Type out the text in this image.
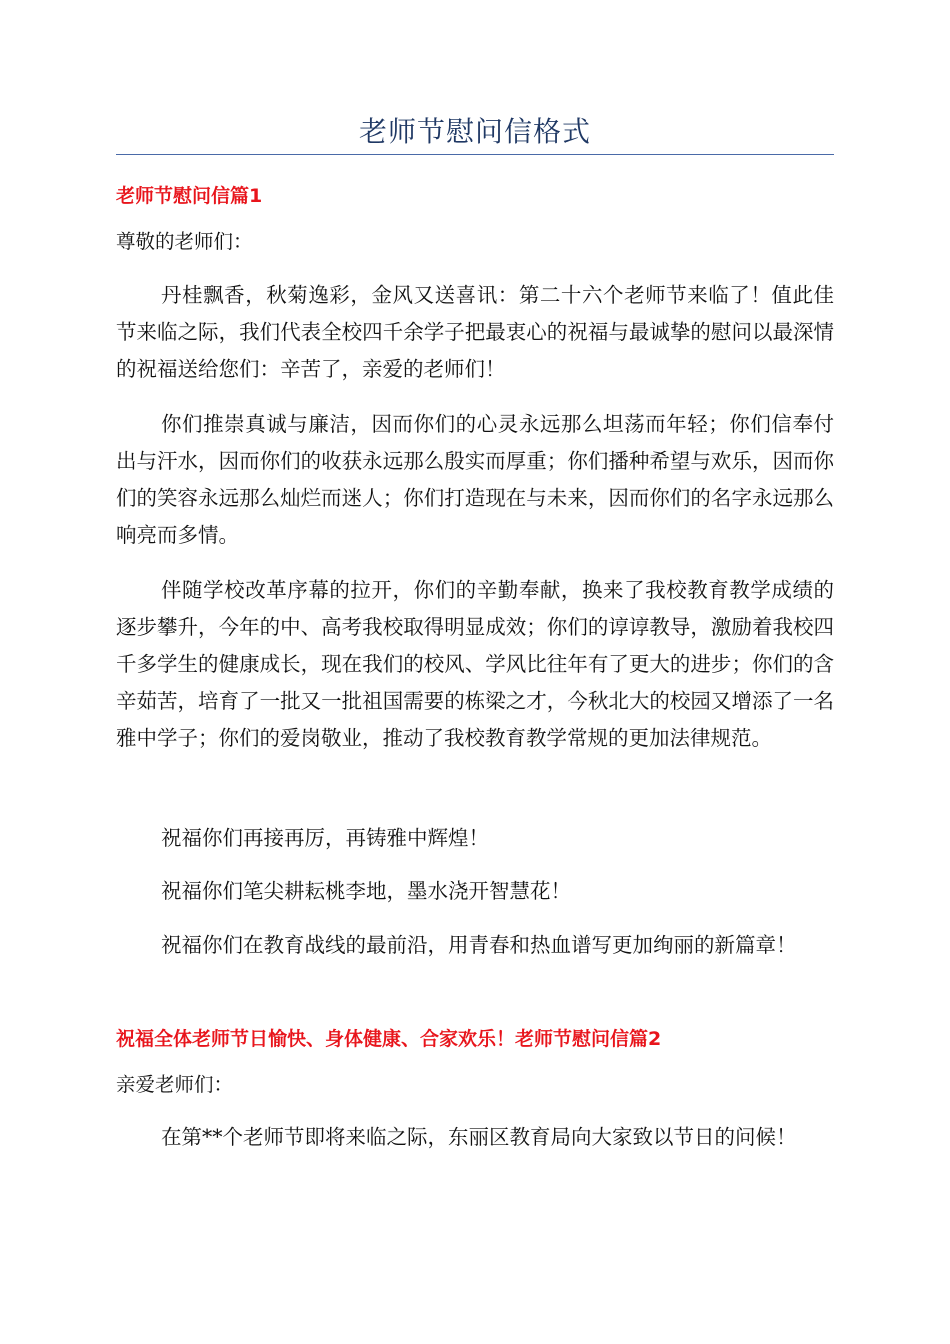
老师节慰问信格式
老师节慰问信篇1
尊敬的老师们：
丹桂飘香，秋菊逸彩，金风又送喜讯：第二十六个老师节来临了！值此佳节来临之际，我们代表全校四千余学子把最衷心的祝福与最诚挚的慰问以最深情的祝福送给您们：辛苦了，亲爱的老师们！
你们推崇真诚与廉洁，因而你们的心灵永远那么坦荡而年轻；你们信奉付出与汗水，因而你们的收获永远那么殷实而厚重；你们播种希望与欢乐，因而你们的笑容永远那么灿烂而迷人；你们打造现在与未来，因而你们的名字永远那么响亮而多情。
伴随学校改革序幕的拉开，你们的辛勤奉献，换来了我校教育教学成绩的逐步攀升，今年的中、高考我校取得明显成效；你们的谆谆教导，激励着我校四千多学生的健康成长，现在我们的校风、学风比往年有了更大的进步；你们的含辛茹苦，培育了一批又一批祖国需要的栋梁之才，今秋北大的校园又增添了一名雅中学子；你们的爱岗敬业，推动了我校教育教学常规的更加法律规范。
祝福你们再接再厉，再铸雅中辉煌！
祝福你们笔尖耕耘桃李地，墨水浇开智慧花！
祝福你们在教育战线的最前沿，用青春和热血谱写更加绚丽的新篇章！
祝福全体老师节日愉快、身体健康、合家欢乐！老师节慰问信篇2
亲爱老师们：
在第**个老师节即将来临之际，东丽区教育局向大家致以节日的问候！
